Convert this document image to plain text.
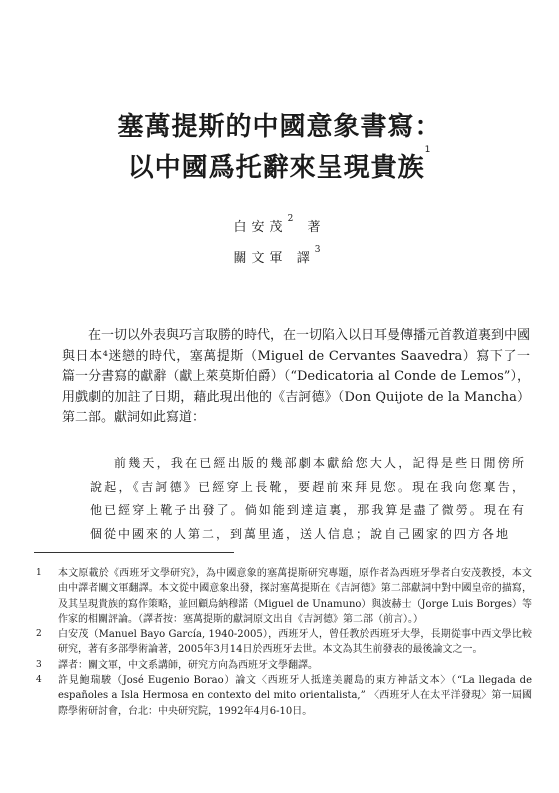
塞萬提斯的中國意象書寫：
以中國爲托辭來呈現貴族$^1$
白安茂$^2$ 著
關文軍 譯$^3$

在一切以外表與巧言取勝的時代，在一切陷入以日耳曼傳播元首教道裏到中國與日本⁴迷戀的時代，塞萬提斯（Miguel de Cervantes Saavedra）寫下了一篇一分書寫的獻辭（獻上萊莫斯伯爵）（“Dedicatoria al Conde de Lemos”），用戲劇的加註了日期，藉此現出他的《吉訶德》（Don Quijote de la Mancha）第二部。獻詞如此寫道：

前幾天，我在已經出版的幾部劇本獻給您大人，記得是些日閒傍所說起，《吉訶德》已經穿上長靴，要趕前來拜見您。現在我向您稟告，他已經穿上靴子出發了。倘如能到達這裏，那我算是盡了微勞。現在有個從中國來的人第二，到萬里遙，送人信息；說自己國家的四方各地

1	本文原載於《西班牙文學研究》，為中國意象的塞萬提斯研究專題，原作者為西班牙學者白安茂教授，本文由中譯者關文軍翻譯。本文從中國意象出發，探討塞萬提斯在《吉訶德》第二部獻詞中對中國皇帝的描寫，及其呈現貴族的寫作策略，並回顧烏納穆諾（Miguel de Unamuno）與波赫士（Jorge Luis Borges）等作家的相關評論。（譯者按：塞萬提斯的獻詞原文出自《吉訶德》第二部（前言）。）
2	白安茂（Manuel Bayo García, 1940-2005），西班牙人，曾任教於西班牙大學，長期從事中西文學比較研究，著有多部學術論著，2005年3月14日於西班牙去世。本文為其生前發表的最後論文之一。
3	譯者：關文軍，中文系講師，研究方向為西班牙文學翻譯。
4	許見鮑瑞駿（José Eugenio Borao）論文〈西班牙人抵達美麗島的東方神話文本〉（“La llegada de españoles a Isla Hermosa en contexto del mito orientalista,” 〈西班牙人在太平洋發現〉第一屆國際學術研討會，台北：中央研究院，1992年4月6-10日。
